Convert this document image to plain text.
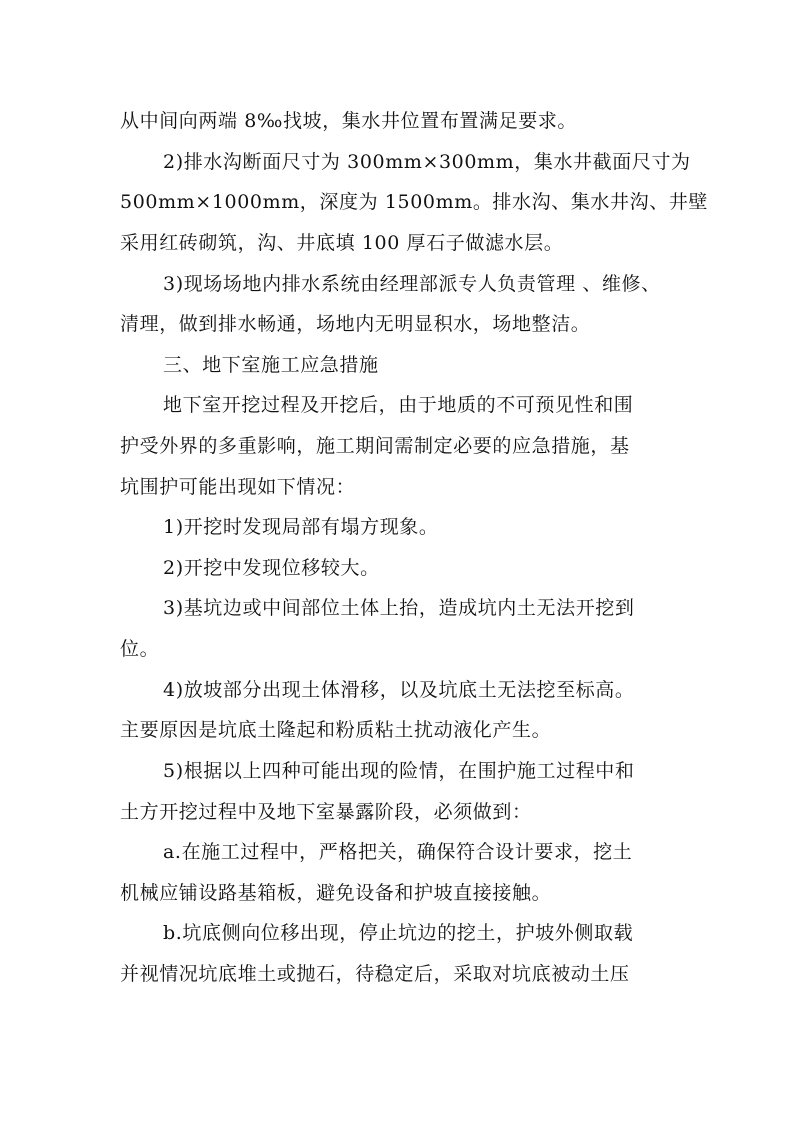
从中间向两端 8‰找坡，集水井位置布置满足要求。
2)排水沟断面尺寸为 300mm×300mm，集水井截面尺寸为
500mm×1000mm，深度为 1500mm。排水沟、集水井沟、井壁
采用红砖砌筑，沟、井底填 100 厚石子做滤水层。
3)现场场地内排水系统由经理部派专人负责管理 、维修、
清理，做到排水畅通，场地内无明显积水，场地整洁。
三、地下室施工应急措施
地下室开挖过程及开挖后，由于地质的不可预见性和围
护受外界的多重影响，施工期间需制定必要的应急措施，基
坑围护可能出现如下情况：
1)开挖时发现局部有塌方现象。
2)开挖中发现位移较大。
3)基坑边或中间部位土体上抬，造成坑内土无法开挖到
位。
4)放坡部分出现土体滑移，以及坑底土无法挖至标高。
主要原因是坑底土隆起和粉质粘土扰动液化产生。
5)根据以上四种可能出现的险情，在围护施工过程中和
土方开挖过程中及地下室暴露阶段，必须做到：
a.在施工过程中，严格把关，确保符合设计要求，挖土
机械应铺设路基箱板，避免设备和护坡直接接触。
b.坑底侧向位移出现，停止坑边的挖土，护坡外侧取载
并视情况坑底堆土或抛石，待稳定后，采取对坑底被动土压
